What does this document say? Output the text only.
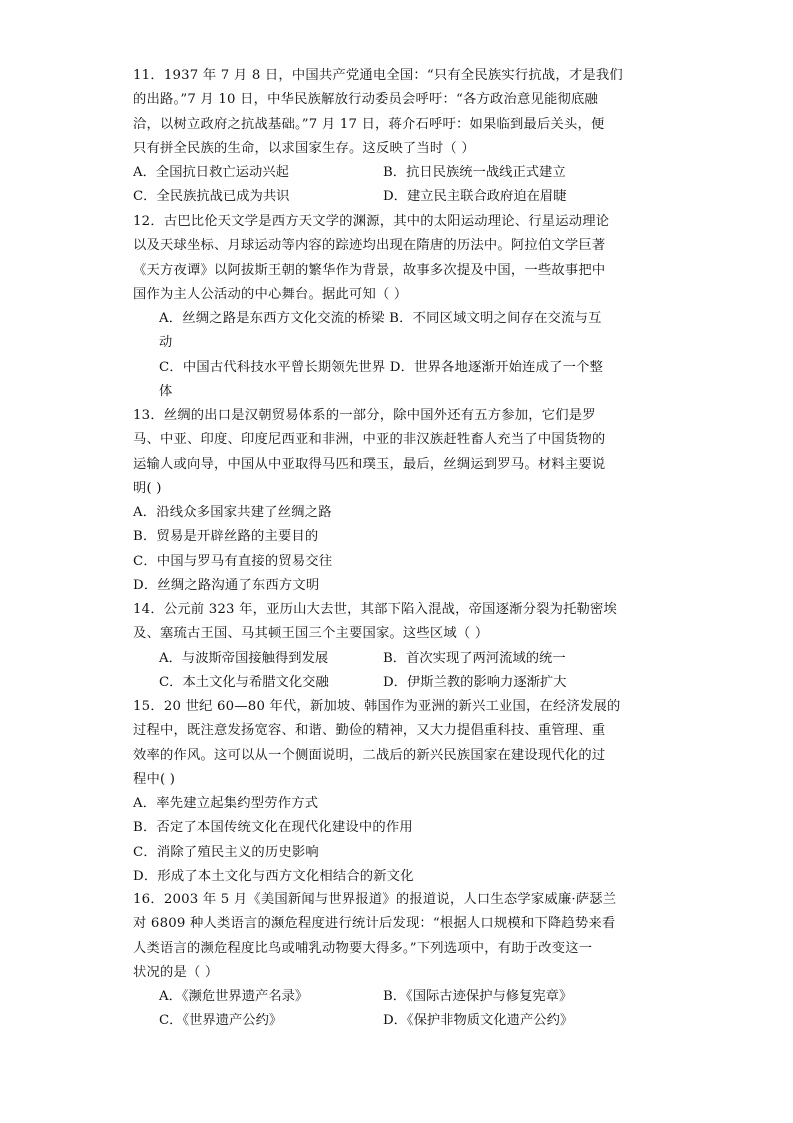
11．1937 年 7 月 8 日，中国共产党通电全国：“只有全民族实行抗战，才是我们
的出路。”7 月 10 日，中华民族解放行动委员会呼吁：“各方政治意见能彻底融
洽，以树立政府之抗战基础。”7 月 17 日，蒋介石呼吁：如果临到最后关头，便
只有拼全民族的生命，以求国家生存。这反映了当时（ ）
A．全国抗日救亡运动兴起	B．抗日民族统一战线正式建立
C．全民族抗战已成为共识	D．建立民主联合政府迫在眉睫
12．古巴比伦天文学是西方天文学的渊源，其中的太阳运动理论、行星运动理论
以及天球坐标、月球运动等内容的踪迹均出现在隋唐的历法中。阿拉伯文学巨著
《天方夜谭》以阿拔斯王朝的繁华作为背景，故事多次提及中国，一些故事把中
国作为主人公活动的中心舞台。据此可知（ ）
A．丝绸之路是东西方文化交流的桥梁 B．不同区域文明之间存在交流与互
动
C．中国古代科技水平曾长期领先世界 D．世界各地逐渐开始连成了一个整
体
13．丝绸的出口是汉朝贸易体系的一部分，除中国外还有五方参加，它们是罗
马、中亚、印度、印度尼西亚和非洲，中亚的非汉族赶牲畜人充当了中国货物的
运输人或向导，中国从中亚取得马匹和璞玉，最后，丝绸运到罗马。材料主要说
明( )
A．沿线众多国家共建了丝绸之路
B．贸易是开辟丝路的主要目的
C．中国与罗马有直接的贸易交往
D．丝绸之路沟通了东西方文明
14．公元前 323 年，亚历山大去世，其部下陷入混战，帝国逐渐分裂为托勒密埃
及、塞琉古王国、马其顿王国三个主要国家。这些区域（ ）
A．与波斯帝国接触得到发展	B．首次实现了两河流域的统一
C．本土文化与希腊文化交融	D．伊斯兰教的影响力逐渐扩大
15．20 世纪 60—80 年代，新加坡、韩国作为亚洲的新兴工业国，在经济发展的
过程中，既注意发扬宽容、和谐、勤俭的精神，又大力提倡重科技、重管理、重
效率的作风。这可以从一个侧面说明，二战后的新兴民族国家在建设现代化的过
程中( )
A．率先建立起集约型劳作方式
B．否定了本国传统文化在现代化建设中的作用
C．消除了殖民主义的历史影响
D．形成了本土文化与西方文化相结合的新文化
16．2003 年 5 月《美国新闻与世界报道》的报道说，人口生态学家威廉·萨瑟兰
对 6809 种人类语言的濒危程度进行统计后发现：“根据人口规模和下降趋势来看
人类语言的濒危程度比鸟或哺乳动物要大得多。”下列选项中，有助于改变这一
状况的是（ ）
A．《濒危世界遗产名录》	B．《国际古迹保护与修复宪章》
C．《世界遗产公约》	D．《保护非物质文化遗产公约》
